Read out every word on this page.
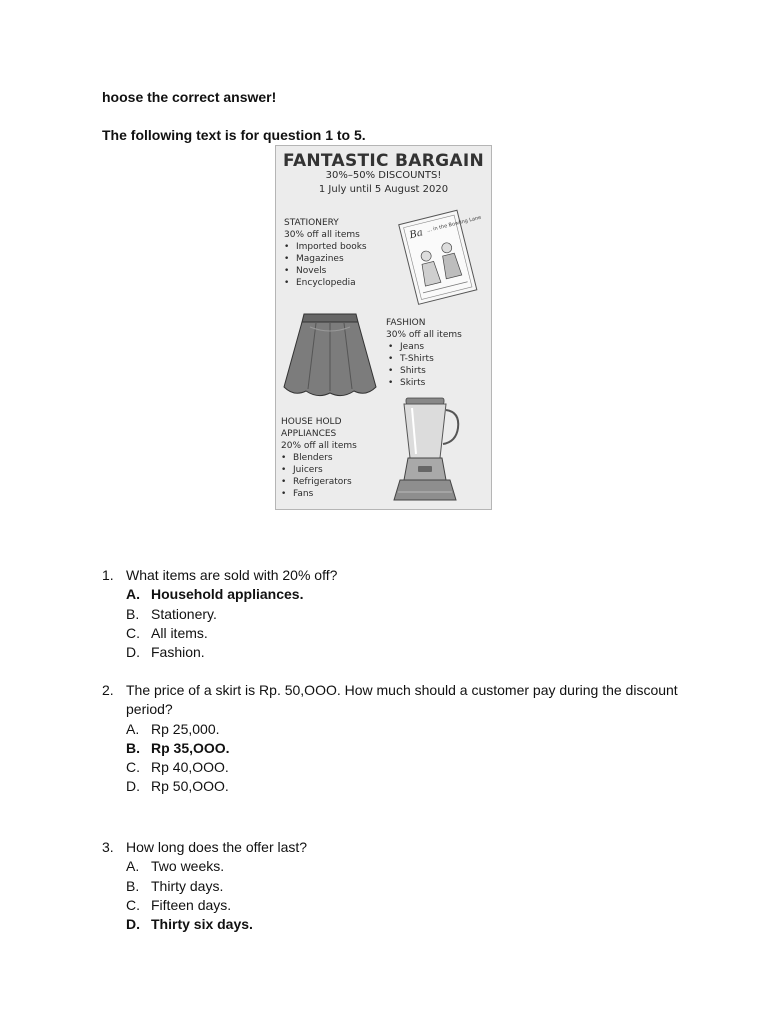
hoose the correct answer!
The following text is for question 1 to 5.
FANTASTIC BARGAIN
30%–50% DISCOUNTS!
1 July until 5 August 2020
STATIONERY
30% off all items
• Imported books
• Magazines
• Novels
• Encyclopedia
Ba
... in the Bowling Lane
FASHION
30% off all items
• Jeans
• T-Shirts
• Shirts
• Skirts
HOUSE HOLD
APPLIANCES
20% off all items
• Blenders
• Juicers
• Refrigerators
• Fans
1. What items are sold with 20% off?
A. Household appliances.
B. Stationery.
C. All items.
D. Fashion.
2. The price of a skirt is Rp. 50,OOO. How much should a customer pay during the discount period?
A. Rp 25,000.
B. Rp 35,OOO.
C. Rp 40,OOO.
D. Rp 50,OOO.
3. How long does the offer last?
A. Two weeks.
B. Thirty days.
C. Fifteen days.
D. Thirty six days.
